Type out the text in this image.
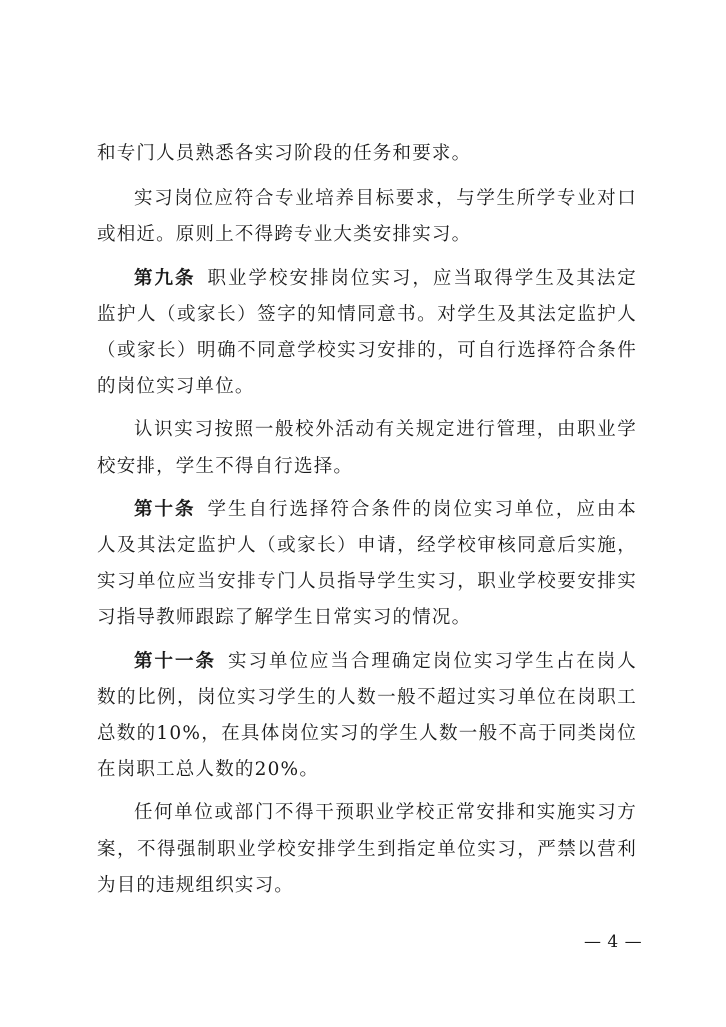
和专门人员熟悉各实习阶段的任务和要求。

实习岗位应符合专业培养目标要求，与学生所学专业对口或相近。原则上不得跨专业大类安排实习。

第九条 职业学校安排岗位实习，应当取得学生及其法定监护人（或家长）签字的知情同意书。对学生及其法定监护人（或家长）明确不同意学校实习安排的，可自行选择符合条件的岗位实习单位。

认识实习按照一般校外活动有关规定进行管理，由职业学校安排，学生不得自行选择。

第十条 学生自行选择符合条件的岗位实习单位，应由本人及其法定监护人（或家长）申请，经学校审核同意后实施，实习单位应当安排专门人员指导学生实习，职业学校要安排实习指导教师跟踪了解学生日常实习的情况。

第十一条 实习单位应当合理确定岗位实习学生占在岗人数的比例，岗位实习学生的人数一般不超过实习单位在岗职工总数的10%，在具体岗位实习的学生人数一般不高于同类岗位在岗职工总人数的20%。

任何单位或部门不得干预职业学校正常安排和实施实习方案，不得强制职业学校安排学生到指定单位实习，严禁以营利为目的违规组织实习。

— 4 —
